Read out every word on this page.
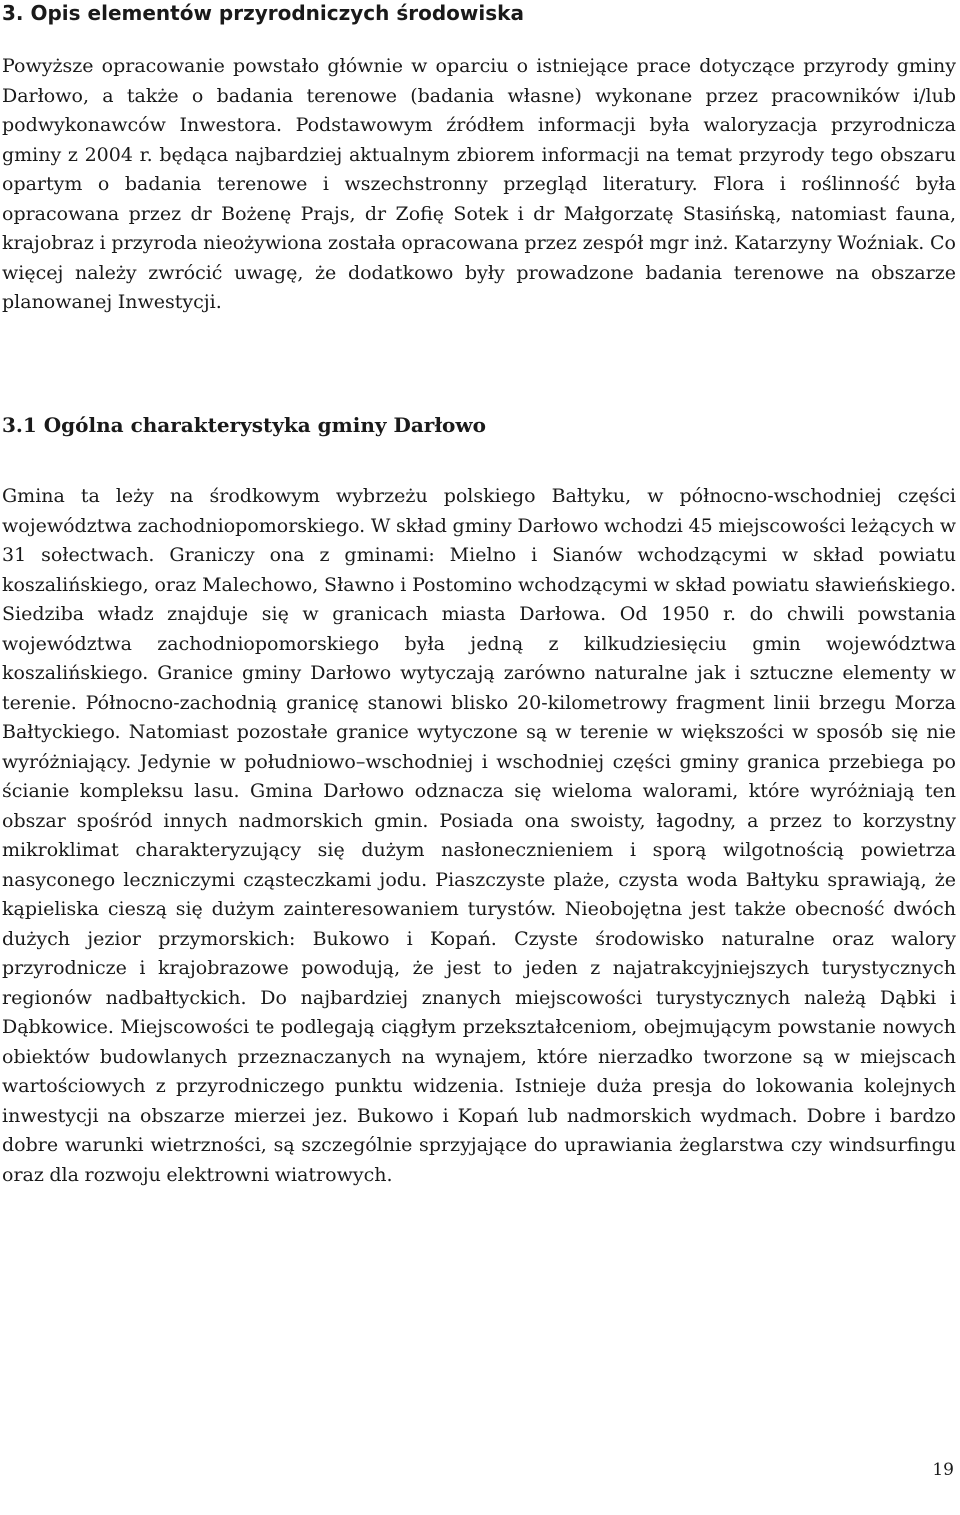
3. Opis elementów przyrodniczych środowiska

Powyższe opracowanie powstało głównie w oparciu o istniejące prace dotyczące przyrody gminy Darłowo, a także o badania terenowe (badania własne) wykonane przez pracowników i/lub podwykonawców Inwestora. Podstawowym źródłem informacji była waloryzacja przyrodnicza gminy z 2004 r. będąca najbardziej aktualnym zbiorem informacji na temat przyrody tego obszaru opartym o badania terenowe i wszechstronny przegląd literatury. Flora i roślinność była opracowana przez dr Bożenę Prajs, dr Zofię Sotek i dr Małgorzatę Stasińską, natomiast fauna, krajobraz i przyroda nieożywiona została opracowana przez zespół mgr inż. Katarzyny Woźniak. Co więcej należy zwrócić uwagę, że dodatkowo były prowadzone badania terenowe na obszarze planowanej Inwestycji.

3.1 Ogólna charakterystyka gminy Darłowo

Gmina ta leży na środkowym wybrzeżu polskiego Bałtyku, w północno-wschodniej części województwa zachodniopomorskiego. W skład gminy Darłowo wchodzi 45 miejscowości leżących w 31 sołectwach. Graniczy ona z gminami: Mielno i Sianów wchodzącymi w skład powiatu koszalińskiego, oraz Malechowo, Sławno i Postomino wchodzącymi w skład powiatu sławieńskiego. Siedziba władz znajduje się w granicach miasta Darłowa. Od 1950 r. do chwili powstania województwa zachodniopomorskiego była jedną z kilkudziesięciu gmin województwa koszalińskiego. Granice gminy Darłowo wytyczają zarówno naturalne jak i sztuczne elementy w terenie. Północno-zachodnią granicę stanowi blisko 20-kilometrowy fragment linii brzegu Morza Bałtyckiego. Natomiast pozostałe granice wytyczone są w terenie w większości w sposób się nie wyróżniający. Jedynie w południowo–wschodniej i wschodniej części gminy granica przebiega po ścianie kompleksu lasu. Gmina Darłowo odznacza się wieloma walorami, które wyróżniają ten obszar spośród innych nadmorskich gmin. Posiada ona swoisty, łagodny, a przez to korzystny mikroklimat charakteryzujący się dużym nasłonecznieniem i sporą wilgotnością powietrza nasyconego leczniczymi cząsteczkami jodu. Piaszczyste plaże, czysta woda Bałtyku sprawiają, że kąpieliska cieszą się dużym zainteresowaniem turystów. Nieobojętna jest także obecność dwóch dużych jezior przymorskich: Bukowo i Kopań. Czyste środowisko naturalne oraz walory przyrodnicze i krajobrazowe powodują, że jest to jeden z najatrakcyjniejszych turystycznych regionów nadbałtyckich. Do najbardziej znanych miejscowości turystycznych należą Dąbki i Dąbkowice. Miejscowości te podlegają ciągłym przekształceniom, obejmującym powstanie nowych obiektów budowlanych przeznaczanych na wynajem, które nierzadko tworzone są w miejscach wartościowych z przyrodniczego punktu widzenia. Istnieje duża presja do lokowania kolejnych inwestycji na obszarze mierzei jez. Bukowo i Kopań lub nadmorskich wydmach. Dobre i bardzo dobre warunki wietrzności, są szczególnie sprzyjające do uprawiania żeglarstwa czy windsurfingu oraz dla rozwoju elektrowni wiatrowych.

19
